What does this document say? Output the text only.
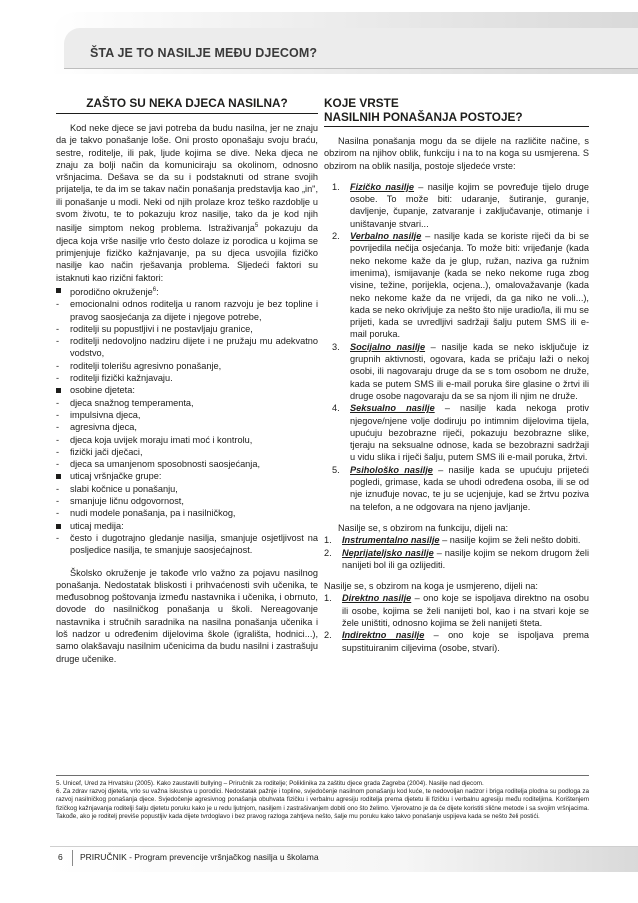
ŠTA JE TO NASILJE MEĐU DJECOM?
ZAŠTO SU NEKA DJECA NASILNA?

Kod neke djece se javi potreba da budu nasilna, jer ne znaju da je takvo ponašanje loše. Oni prosto oponašaju svoju braću, sestre, roditelje, ili pak, ljude kojima se dive. Neka djeca ne znaju za bolji način da komuniciraju sa okolinom, odnosno vršnjacima. Dešava se da su i podstaknuti od strane svojih prijatelja, te da im se takav način ponašanja predstavlja kao „in", ili ponašanje u modi. Neki od njih prolaze kroz teško razdoblje u svom životu, te to pokazuju kroz nasilje, tako da je kod njih nasilje simptom nekog problema. Istraživanja$^5$ pokazuju da djeca koja vrše nasilje vrlo često dolaze iz porodica u kojima se primjenjuje fizičko kažnjavanje, pa su djeca usvojila fizičko nasilje kao način rješavanja problema. Sljedeći faktori su istaknuti kao rizični faktori:

porodično okruženje$^6$:
- emocionalni odnos roditelja u ranom razvoju je bez topline i pravog saosjećanja za dijete i njegove potrebe,
- roditelji su popustljivi i ne postavljaju granice,
- roditelji nedovoljno nadziru dijete i ne pružaju mu adekvatno vodstvo,
- roditelji tolerišu agresivno ponašanje,
- roditelji fizički kažnjavaju.
osobine djeteta:
- djeca snažnog temperamenta,
- impulsivna djeca,
- agresivna djeca,
- djeca koja uvijek moraju imati moć i kontrolu,
- fizički jači dječaci,
- djeca sa umanjenom sposobnosti saosjećanja,
uticaj vršnjačke grupe:
- slabi kočnice u ponašanju,
- smanjuje ličnu odgovornost,
- nudi modele ponašanja, pa i nasilničkog,
uticaj medija:
- često i dugotrajno gledanje nasilja, smanjuje osjetljivost na posljedice nasilja, te smanjuje saosjećajnost.

Školsko okruženje je takođe vrlo važno za pojavu nasilnog ponašanja. Nedostatak bliskosti i prihvaćenosti svih učenika, te međusobnog poštovanja između nastavnika i učenika, i obrnuto, dovode do nasilničkog ponašanja u školi. Nereagovanje nastavnika i stručnih saradnika na nasilna ponašanja učenika i loš nadzor u određenim dijelovima škole (igrališta, hodnici...), samo olakšavaju nasilnim učenicima da budu nasilni i zastrašuju druge učenike.

KOJE VRSTE
NASILNIH PONAŠANJA POSTOJE?

Nasilna ponašanja mogu da se dijele na različite načine, s obzirom na njihov oblik, funkciju i na to na koga su usmjerena. S obzirom na oblik nasilja, postoje sljedeće vrste:

1. Fizičko nasilje – nasilje kojim se povređuje tijelo druge osobe. To može biti: udaranje, šutiranje, guranje, davljenje, čupanje, zatvaranje i zaključavanje, otimanje i uništavanje stvari...
2. Verbalno nasilje – nasilje kada se koriste riječi da bi se povrijedila nečija osjećanja. To može biti: vrijeđanje (kada neko nekome kaže da je glup, ružan, naziva ga ružnim imenima), ismijavanje (kada se neko nekome ruga zbog visine, težine, porijekla, ocjena..), omalovažavanje (kada neko nekome kaže da ne vrijedi, da ga niko ne voli...), kada se neko okrivljuje za nešto što nije uradio/la, ili mu se prijeti, kada se uvredljivi sadržaji šalju putem SMS ili e-mail poruka.
3. Socijalno nasilje – nasilje kada se neko isključuje iz grupnih aktivnosti, ogovara, kada se pričaju laži o nekoj osobi, ili nagovaraju druge da se s tom osobom ne druže, kada se putem SMS ili e-mail poruka šire glasine o žrtvi ili druge osobe nagovaraju da se sa njom ili njim ne druže.
4. Seksualno nasilje – nasilje kada nekoga protiv njegove/njene volje dodiruju po intimnim dijelovima tijela, upućuju bezobrazne riječi, pokazuju bezobrazne slike, tjeraju na seksualne odnose, kada se bezobrazni sadržaji u vidu slika i riječi šalju, putem SMS ili e-mail poruka, žrtvi.
5. Psihološko nasilje – nasilje kada se upućuju prijeteći pogledi, grimase, kada se uhodi određena osoba, ili se od nje iznuđuje novac, te ju se ucjenjuje, kad se žrtvu poziva na telefon, a ne odgovara na njeno javljanje.

Nasilje se, s obzirom na funkciju, dijeli na:

1. Instrumentalno nasilje – nasilje kojim se želi nešto dobiti.
2. Neprijateljsko nasilje – nasilje kojim se nekom drugom želi nanijeti bol ili ga ozlijediti.

Nasilje se, s obzirom na koga je usmjereno, dijeli na:

1. Direktno nasilje – ono koje se ispoljava direktno na osobu ili osobe, kojima se želi nanijeti bol, kao i na stvari koje se žele uništiti, odnosno kojima se želi nanijeti šteta.
2. Indirektno nasilje – ono koje se ispoljava prema supstituiranim ciljevima (osobe, stvari).

5. Unicef, Ured za Hrvatsku (2005). Kako zaustaviti bullying – Priručnik za roditelje; Poliklinika za zaštitu djece grada Zagreba (2004). Nasilje nad djecom.

6. Za zdrav razvoj djeteta, vrlo su važna iskustva u porodici. Nedostatak pažnje i topline, svjedočenje nasilnom ponašanju kod kuće, te nedovoljan nadzor i briga roditelja plodna su podloga za razvoj nasilničkog ponašanja djece. Svjedočenje agresivnog ponašanja obuhvata fizičku i verbalnu agresiju roditelja prema djetetu ili fizičku i verbalnu agresiju među roditeljima. Korištenjem fizičkog kažnjavanja roditelji šalju djetetu poruku kako je u redu ljutnjom, nasiljem i zastrašivanjem dobiti ono što želimo. Vjerovatno je da će dijete koristiti slične metode i sa svojim vršnjacima. Takođe, ako je roditelj previše popustljiv kada dijete tvrdoglavo i bez pravog razloga zahtjeva nešto, šalje mu poruku kako takvo ponašanje uspijeva kada se nešto želi postići.

6 PRIRUČNIK - Program prevencije vršnjačkog nasilja u školama
